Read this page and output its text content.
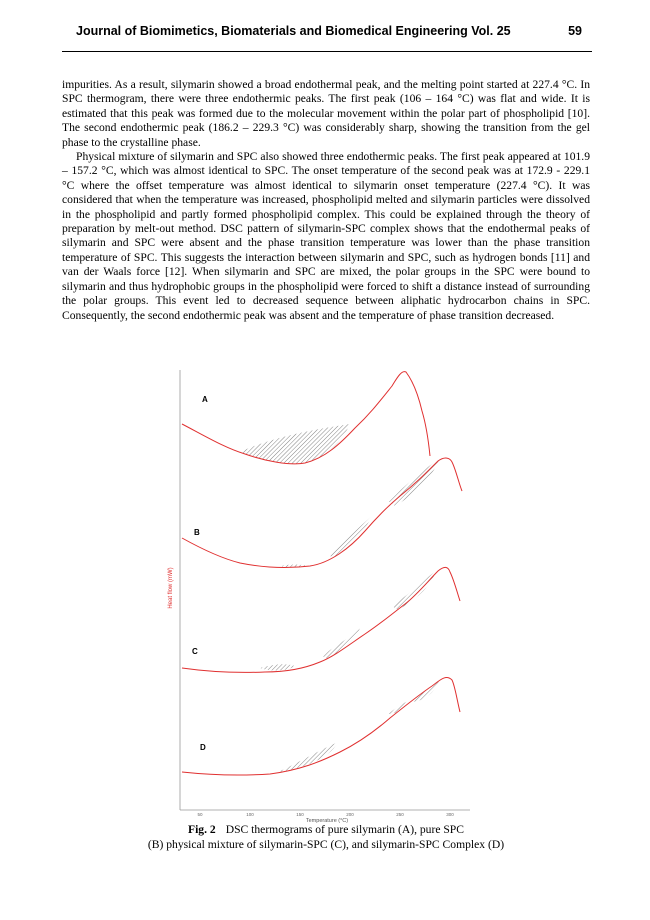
Journal of Biomimetics, Biomaterials and Biomedical Engineering Vol. 25	59

impurities. As a result, silymarin showed a broad endothermal peak, and the melting point started at 227.4 °C. In SPC thermogram, there were three endothermic peaks. The first peak (106 – 164 °C) was flat and wide. It is estimated that this peak was formed due to the molecular movement within the polar part of phospholipid [10]. The second endothermic peak (186.2 – 229.3 °C) was considerably sharp, showing the transition from the gel phase to the crystalline phase.

Physical mixture of silymarin and SPC also showed three endothermic peaks. The first peak appeared at 101.9 – 157.2 °C, which was almost identical to SPC. The onset temperature of the second peak was at 172.9 - 229.1 °C where the offset temperature was almost identical to silymarin onset temperature (227.4 °C). It was considered that when the temperature was increased, phospholipid melted and silymarin particles were dissolved in the phospholipid and partly formed phospholipid complex. This could be explained through the theory of preparation by melt-out method. DSC pattern of silymarin-SPC complex shows that the endothermal peaks of silymarin and SPC were absent and the phase transition temperature was lower than the phase transition temperature of SPC. This suggests the interaction between silymarin and SPC, such as hydrogen bonds [11] and van der Waals force [12]. When silymarin and SPC are mixed, the polar groups in the SPC were bound to silymarin and thus hydrophobic groups in the phospholipid were forced to shift a distance instead of surrounding the polar groups. This event led to decreased sequence between aliphatic hydrocarbon chains in SPC. Consequently, the second endothermic peak was absent and the temperature of phase transition decreased.

Heat flow (mW)
Temperature (°C)
50	100	150	200	250	300
A
B
C
D
Fig. 2 DSC thermograms of pure silymarin (A), pure SPC
(B) physical mixture of silymarin-SPC (C), and silymarin-SPC Complex (D)
